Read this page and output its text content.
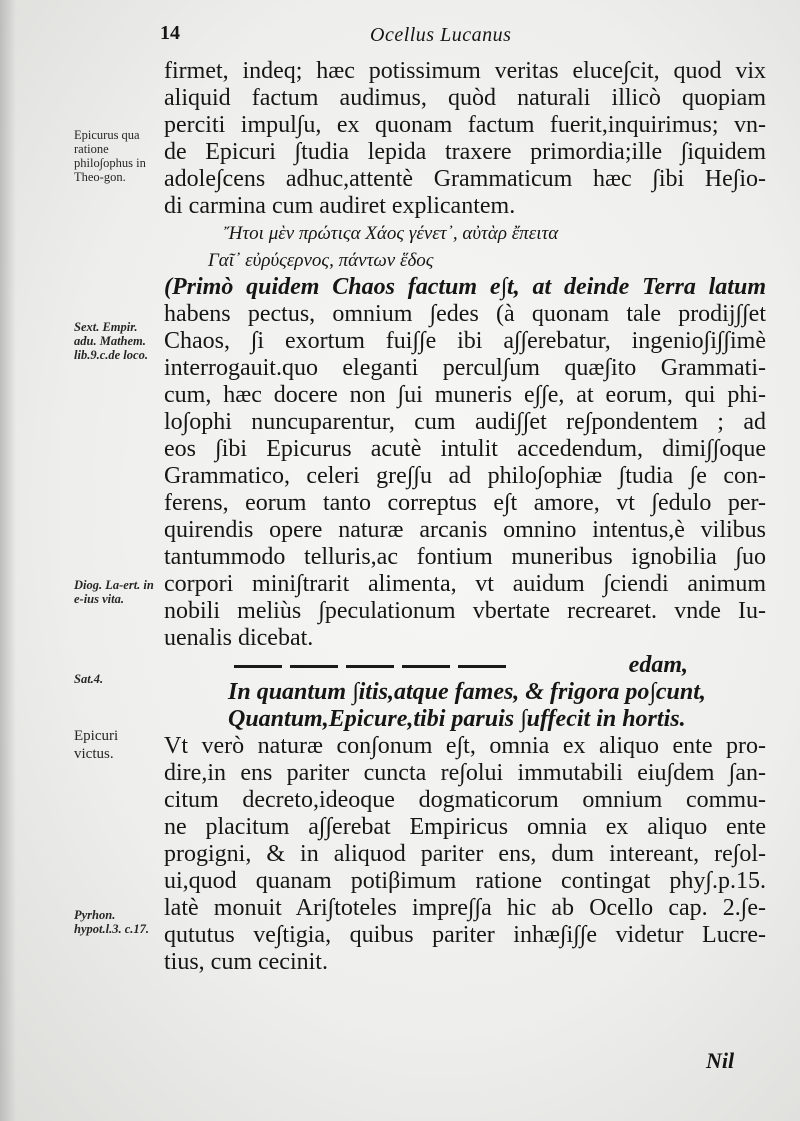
14	Ocellus Lucanus
Epicurus qua ratione philo∫ophus in Theo-gon.
Sext. Empir. adu. Mathem. lib.9.c.de loco.
Diog. La-ert. in e-ius vita.
Sat.4.
Epicuri victus.
Pyrhon. hypot.l.3. c.17.
firmet, indeq; hæc potissimum veritas eluce∫cit, quod vix
aliquid factum audimus, quòd naturali illicò quopiam
perciti impul∫u, ex quonam factum fuerit,inquirimus; vn-
de Epicuri ∫tudia lepida traxere primordia;ille ∫iquidem
adole∫cens adhuc,attentè Grammaticum hæc ∫ibi He∫io-
di carmina cum audiret explicantem.
Ἤτοι μὲν πρώτιςα Χάος γένετ᾽, αὐτὰρ ἔπειτα
Γαῖ᾽ εὐρύςερνος, πάντων ἕδος
(Primò quidem Chaos factum e∫t, at deinde Terra latum
habens pectus, omnium ∫edes (à quonam tale prodij∫∫et
Chaos, ∫i exortum fui∫∫e ibi a∫∫erebatur, ingenio∫i∫∫imè
interrogauit.quo eleganti percul∫um quæ∫ito Grammati-
cum, hæc docere non ∫ui muneris e∫∫e, at eorum, qui phi-
lo∫ophi nuncuparentur, cum audi∫∫et re∫pondentem ; ad
eos ∫ibi Epicurus acutè intulit accedendum, dimi∫∫oque
Grammatico, celeri gre∫∫u ad philo∫ophiæ ∫tudia ∫e con-
ferens, eorum tanto correptus e∫t amore, vt ∫edulo per-
quirendis opere naturæ arcanis omnino intentus,è vilibus
tantummodo telluris,ac fontium muneribus ignobilia ∫uo
corpori mini∫trarit alimenta, vt auidum ∫ciendi animum
nobili meliùs ∫peculationum vbertate recrearet. vnde Iu-
uenalis dicebat.
edam,
In quantum ∫itis,atque fames, & frigora po∫cunt,
Quantum,Epicure,tibi paruis ∫uffecit in hortis.
Vt verò naturæ con∫onum e∫t, omnia ex aliquo ente pro-
dire,in ens pariter cuncta re∫olui immutabili eiu∫dem ∫an-
citum decreto,ideoque dogmaticorum omnium commu-
ne placitum a∫∫erebat Empiricus omnia ex aliquo ente
progigni, & in aliquod pariter ens, dum intereant, re∫ol-
ui,quod quanam potiβimum ratione contingat phy∫.p.15.
latè monuit Ari∫toteles impre∫∫a hic ab Ocello cap. 2.∫e-
qututus ve∫tigia, quibus pariter inhæ∫i∫∫e videtur Lucre-
tius, cum cecinit.
Nil
